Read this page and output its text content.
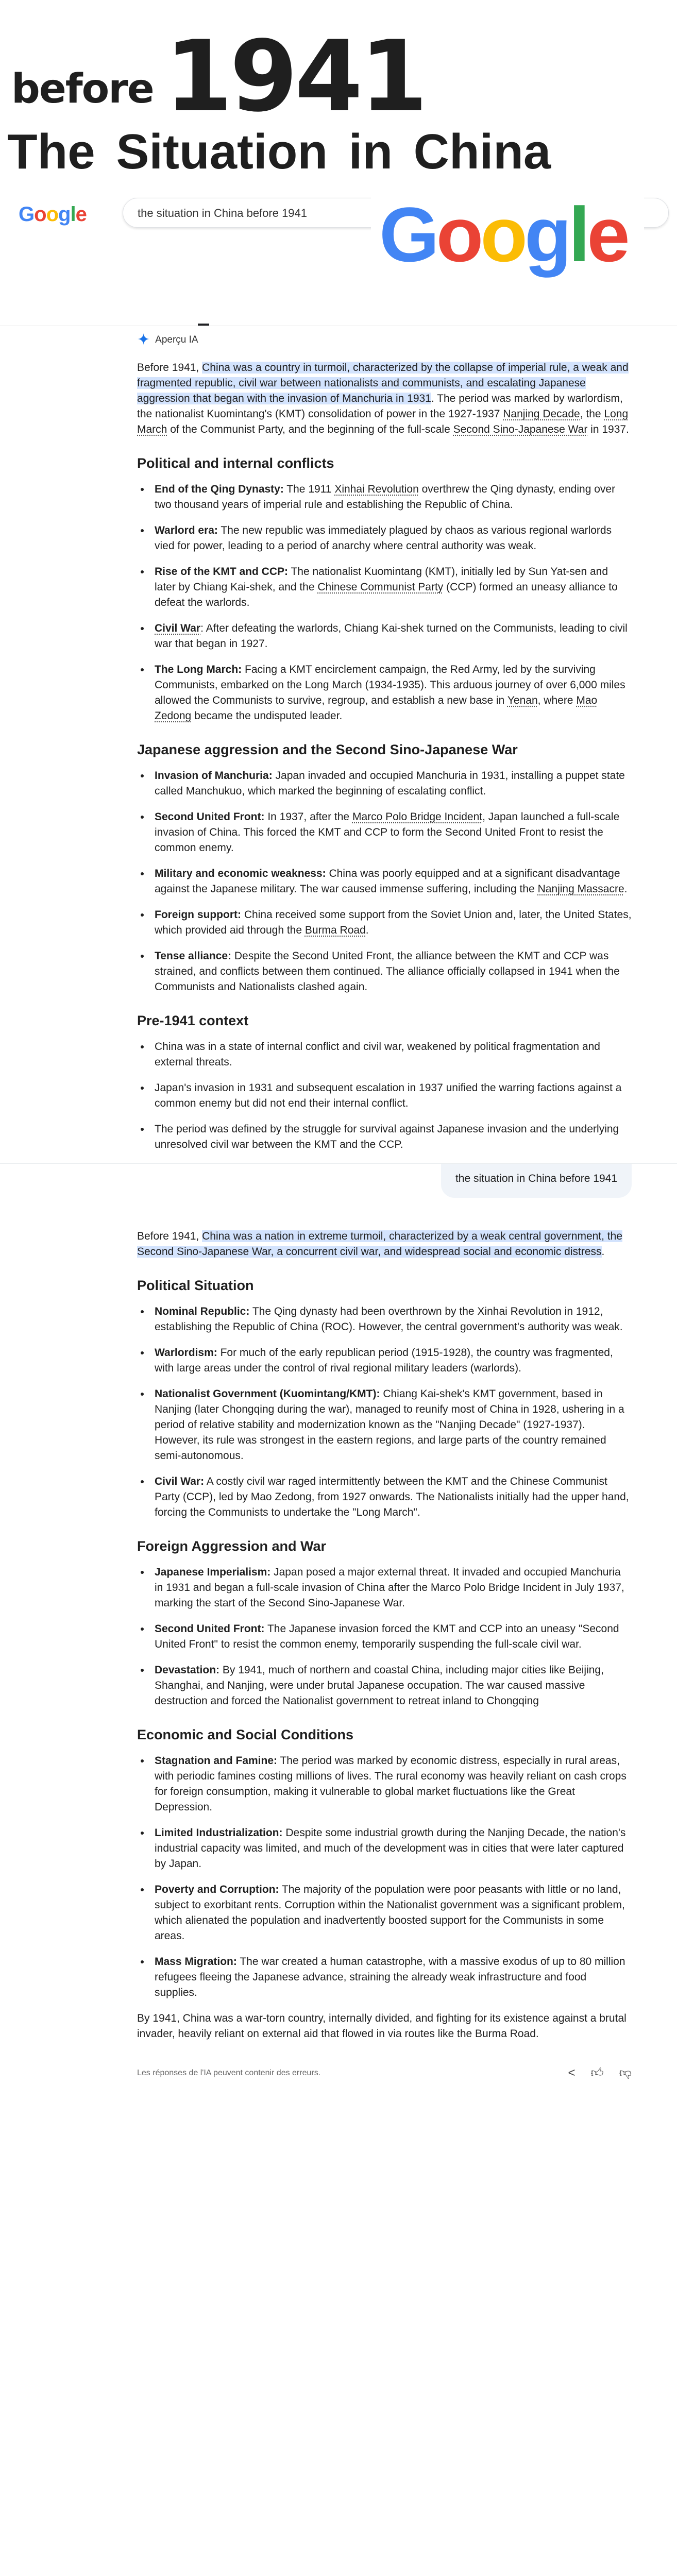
before 1941
The Situation in China
Google	the situation in China before 1941 Google
✦ Aperçu IA

Before 1941, China was a country in turmoil, characterized by the collapse of imperial rule, a weak and fragmented republic, civil war between nationalists and communists, and escalating Japanese aggression that began with the invasion of Manchuria in 1931. The period was marked by warlordism, the nationalist Kuomintang's (KMT) consolidation of power in the 1927-1937 Nanjing Decade, the Long March of the Communist Party, and the beginning of the full-scale Second Sino-Japanese War in 1937.

Political and internal conflicts
• End of the Qing Dynasty: The 1911 Xinhai Revolution overthrew the Qing dynasty, ending over two thousand years of imperial rule and establishing the Republic of China.
• Warlord era: The new republic was immediately plagued by chaos as various regional warlords vied for power, leading to a period of anarchy where central authority was weak.
• Rise of the KMT and CCP: The nationalist Kuomintang (KMT), initially led by Sun Yat-sen and later by Chiang Kai-shek, and the Chinese Communist Party (CCP) formed an uneasy alliance to defeat the warlords.
• Civil War: After defeating the warlords, Chiang Kai-shek turned on the Communists, leading to civil war that began in 1927.
• The Long March: Facing a KMT encirclement campaign, the Red Army, led by the surviving Communists, embarked on the Long March (1934-1935). This arduous journey of over 6,000 miles allowed the Communists to survive, regroup, and establish a new base in Yenan, where Mao Zedong became the undisputed leader.
Japanese aggression and the Second Sino-Japanese War
• Invasion of Manchuria: Japan invaded and occupied Manchuria in 1931, installing a puppet state called Manchukuo, which marked the beginning of escalating conflict.
• Second United Front: In 1937, after the Marco Polo Bridge Incident, Japan launched a full-scale invasion of China. This forced the KMT and CCP to form the Second United Front to resist the common enemy.
• Military and economic weakness: China was poorly equipped and at a significant disadvantage against the Japanese military. The war caused immense suffering, including the Nanjing Massacre.
• Foreign support: China received some support from the Soviet Union and, later, the United States, which provided aid through the Burma Road.
• Tense alliance: Despite the Second United Front, the alliance between the KMT and CCP was strained, and conflicts between them continued. The alliance officially collapsed in 1941 when the Communists and Nationalists clashed again.
Pre-1941 context
• China was in a state of internal conflict and civil war, weakened by political fragmentation and external threats.
• Japan's invasion in 1931 and subsequent escalation in 1937 unified the warring factions against a common enemy but did not end their internal conflict.
• The period was defined by the struggle for survival against Japanese invasion and the underlying unresolved civil war between the KMT and the CCP.
the situation in China before 1941

Before 1941, China was a nation in extreme turmoil, characterized by a weak central government, the Second Sino-Japanese War, a concurrent civil war, and widespread social and economic distress.

Political Situation
• Nominal Republic: The Qing dynasty had been overthrown by the Xinhai Revolution in 1912, establishing the Republic of China (ROC). However, the central government's authority was weak.
• Warlordism: For much of the early republican period (1915-1928), the country was fragmented, with large areas under the control of rival regional military leaders (warlords).
• Nationalist Government (Kuomintang/KMT): Chiang Kai-shek's KMT government, based in Nanjing (later Chongqing during the war), managed to reunify most of China in 1928, ushering in a period of relative stability and modernization known as the "Nanjing Decade" (1927-1937). However, its rule was strongest in the eastern regions, and large parts of the country remained semi-autonomous.
• Civil War: A costly civil war raged intermittently between the KMT and the Chinese Communist Party (CCP), led by Mao Zedong, from 1927 onwards. The Nationalists initially had the upper hand, forcing the Communists to undertake the "Long March".
Foreign Aggression and War
• Japanese Imperialism: Japan posed a major external threat. It invaded and occupied Manchuria in 1931 and began a full-scale invasion of China after the Marco Polo Bridge Incident in July 1937, marking the start of the Second Sino-Japanese War.
• Second United Front: The Japanese invasion forced the KMT and CCP into an uneasy "Second United Front" to resist the common enemy, temporarily suspending the full-scale civil war.
• Devastation: By 1941, much of northern and coastal China, including major cities like Beijing, Shanghai, and Nanjing, were under brutal Japanese occupation. The war caused massive destruction and forced the Nationalist government to retreat inland to Chongqing
Economic and Social Conditions
• Stagnation and Famine: The period was marked by economic distress, especially in rural areas, with periodic famines costing millions of lives. The rural economy was heavily reliant on cash crops for foreign consumption, making it vulnerable to global market fluctuations like the Great Depression.
• Limited Industrialization: Despite some industrial growth during the Nanjing Decade, the nation's industrial capacity was limited, and much of the development was in cities that were later captured by Japan.
• Poverty and Corruption: The majority of the population were poor peasants with little or no land, subject to exorbitant rents. Corruption within the Nationalist government was a significant problem, which alienated the population and inadvertently boosted support for the Communists in some areas.
• Mass Migration: The war created a human catastrophe, with a massive exodus of up to 80 million refugees fleeing the Japanese advance, straining the already weak infrastructure and food supplies.

By 1941, China was a war-torn country, internally divided, and fighting for its existence against a brutal invader, heavily reliant on external aid that flowed in via routes like the Burma Road.

Les réponses de l'IA peuvent contenir des erreurs.	< 👍︎ 👎︎
